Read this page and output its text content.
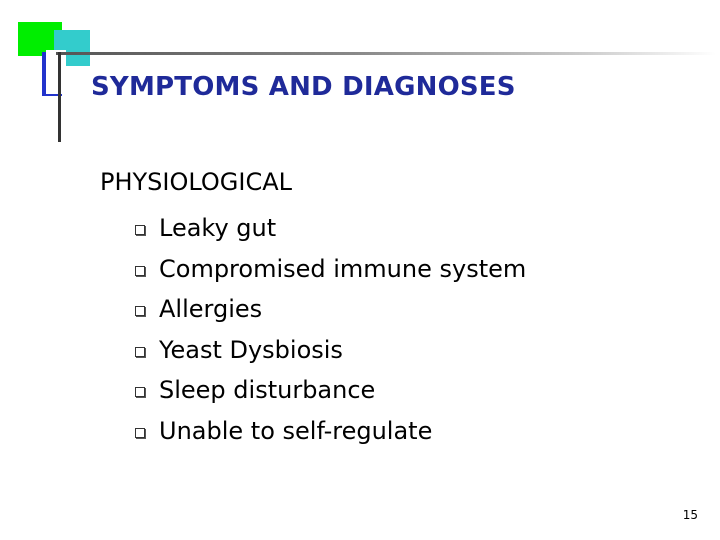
SYMPTOMS AND DIAGNOSES
PHYSIOLOGICAL
Leaky gut
Compromised immune system
Allergies
Yeast Dysbiosis
Sleep disturbance
Unable to self-regulate
15
